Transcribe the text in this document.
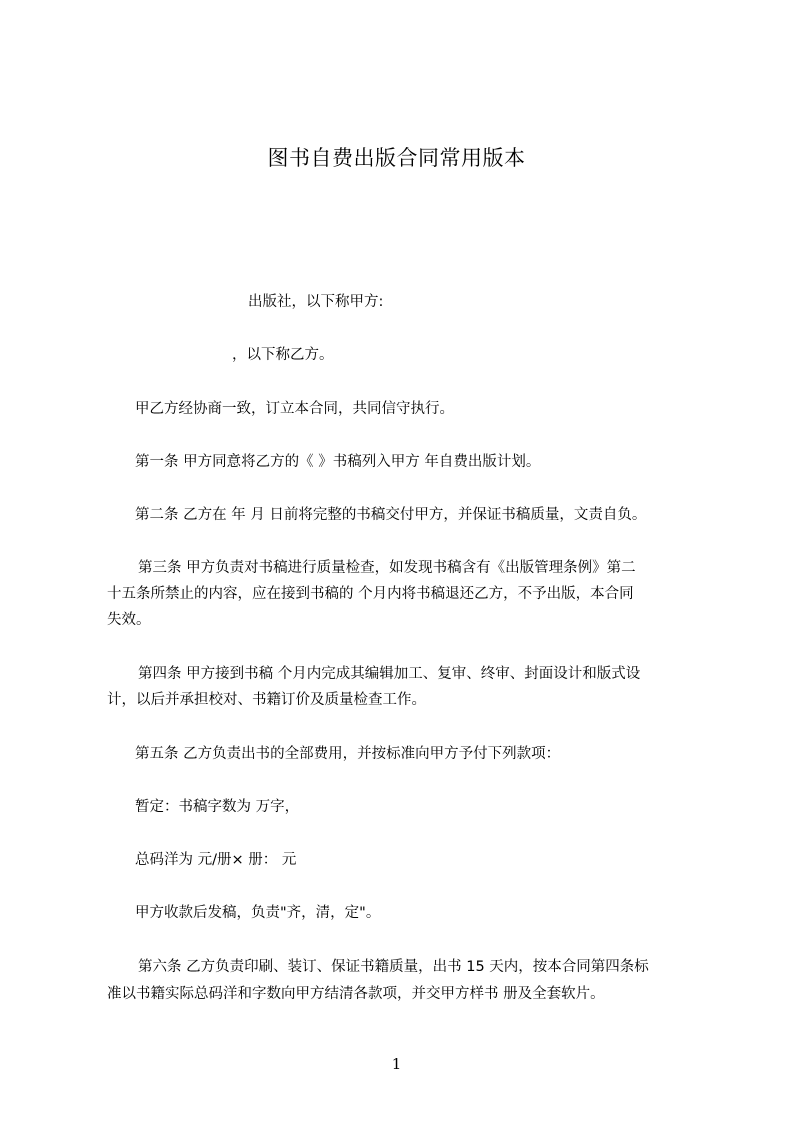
图书自费出版合同常用版本
出版社，以下称甲方:
，以下称乙方。
甲乙方经协商一致，订立本合同，共同信守执行。
第一条 甲方同意将乙方的《 》书稿列入甲方 年自费出版计划。
第二条 乙方在 年 月 日前将完整的书稿交付甲方，并保证书稿质量，文责自负。
第三条 甲方负责对书稿进行质量检查，如发现书稿含有《出版管理条例》第二
十五条所禁止的内容，应在接到书稿的 个月内将书稿退还乙方，不予出版，本合同
失效。
第四条 甲方接到书稿 个月内完成其编辑加工、复审、终审、封面设计和版式设
计，以后并承担校对、书籍订价及质量检查工作。
第五条 乙方负责出书的全部费用，并按标准向甲方予付下列款项：
暂定：书稿字数为 万字，
总码洋为 元/册× 册： 元
甲方收款后发稿，负责"齐，清，定"。
第六条 乙方负责印刷、装订、保证书籍质量，出书 15 天内，按本合同第四条标
准以书籍实际总码洋和字数向甲方结清各款项，并交甲方样书 册及全套软片。
1
